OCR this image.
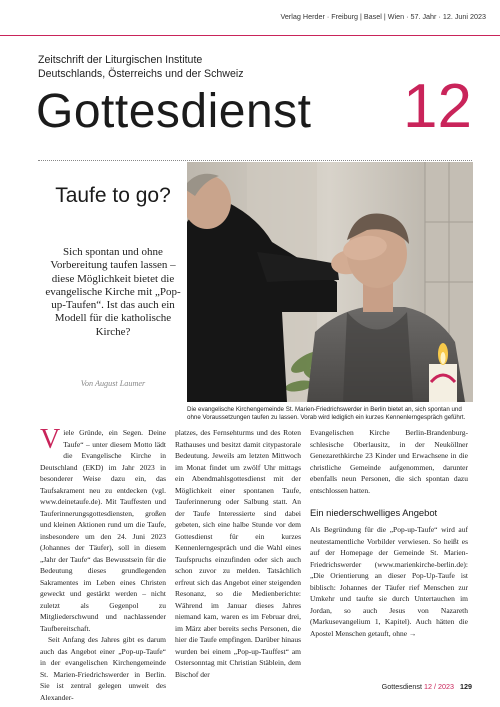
Verlag Herder · Freiburg | Basel | Wien · 57. Jahr · 12. Juni 2023
Zeitschrift der Liturgischen Institute
Deutschlands, Österreichs und der Schweiz
Gottesdienst 12
Taufe to go?

Sich spontan und ohne Vorbereitung taufen lassen – diese Möglichkeit bietet die evangelische Kirche mit „Pop-up-Taufen“. Ist das auch ein Modell für die katholische Kirche?

Von August Laumer

Die evangelische Kirchengemeinde St. Marien-Friedrichswerder in Berlin bietet an, sich spontan und ohne Voraussetzungen taufen zu lassen. Vorab wird lediglich ein kurzes Kennenlerngespräch geführt.

Viele Gründe, ein Segen. Deine Taufe“ – unter diesem Motto lädt die Evangelische Kirche in Deutschland (EKD) im Jahr 2023 in besonderer Weise dazu ein, das Taufsakrament neu zu entdecken (vgl. www.deinetaufe.de). Mit Tauffesten und Tauferinnerungsgottesdiensten, großen und kleinen Aktionen rund um die Taufe, insbesondere um den 24. Juni 2023 (Johannes der Täufer), soll in diesem „Jahr der Taufe“ das Bewusstsein für die Bedeutung dieses grundlegenden Sakramentes im Leben eines Christen geweckt und gestärkt werden – nicht zuletzt als Gegenpol zu Mitgliederschwund und nachlassender Taufbereitschaft.

Seit Anfang des Jahres gibt es darum auch das Angebot einer „Pop-up-Taufe“ in der evangelischen Kirchengemeinde St. Marien-Friedrichswerder in Berlin. Sie ist zentral gelegen unweit des Alexander-

platzes, des Fernsehturms und des Roten Rathauses und besitzt damit citypastorale Bedeutung. Jeweils am letzten Mittwoch im Monat findet um zwölf Uhr mittags ein Abendmahlsgottesdienst mit der Möglichkeit einer spontanen Taufe, Tauferinnerung oder Salbung statt. An der Taufe Interessierte sind dabei gebeten, sich eine halbe Stunde vor dem Gottesdienst für ein kurzes Kennenlerngespräch und die Wahl eines Taufspruchs einzufinden oder sich auch schon zuvor zu melden. Tatsächlich erfreut sich das Angebot einer steigenden Resonanz, so die Medienberichte: Während im Januar dieses Jahres niemand kam, waren es im Februar drei, im März aber bereits sechs Personen, die hier die Taufe empfingen. Darüber hinaus wurden bei einem „Pop-up-Tauffest“ am Ostersonntag mit Christian Stäblein, dem Bischof der

Evangelischen Kirche Berlin-Brandenburg-schlesische Oberlausitz, in der Neuköllner Genezarethkirche 23 Kinder und Erwachsene in die christliche Gemeinde aufgenommen, darunter ebenfalls neun Personen, die sich spontan dazu entschlossen hatten.

Ein niederschwelliges Angebot

Als Begründung für die „Pop-up-Taufe“ wird auf neutestamentliche Vorbilder verwiesen. So heißt es auf der Homepage der Gemeinde St. Marien-Friedrichswerder (www.marienkirche-berlin.de): „Die Orientierung an dieser Pop-Up-Taufe ist biblisch: Johannes der Täufer rief Menschen zur Umkehr und taufte sie durch Untertauchen im Jordan, so auch Jesus von Nazareth (Markusevangelium 1, Kapitel). Auch hätten die Apostel Menschen getauft, ohne →

Gottesdienst 12 / 2023 129
